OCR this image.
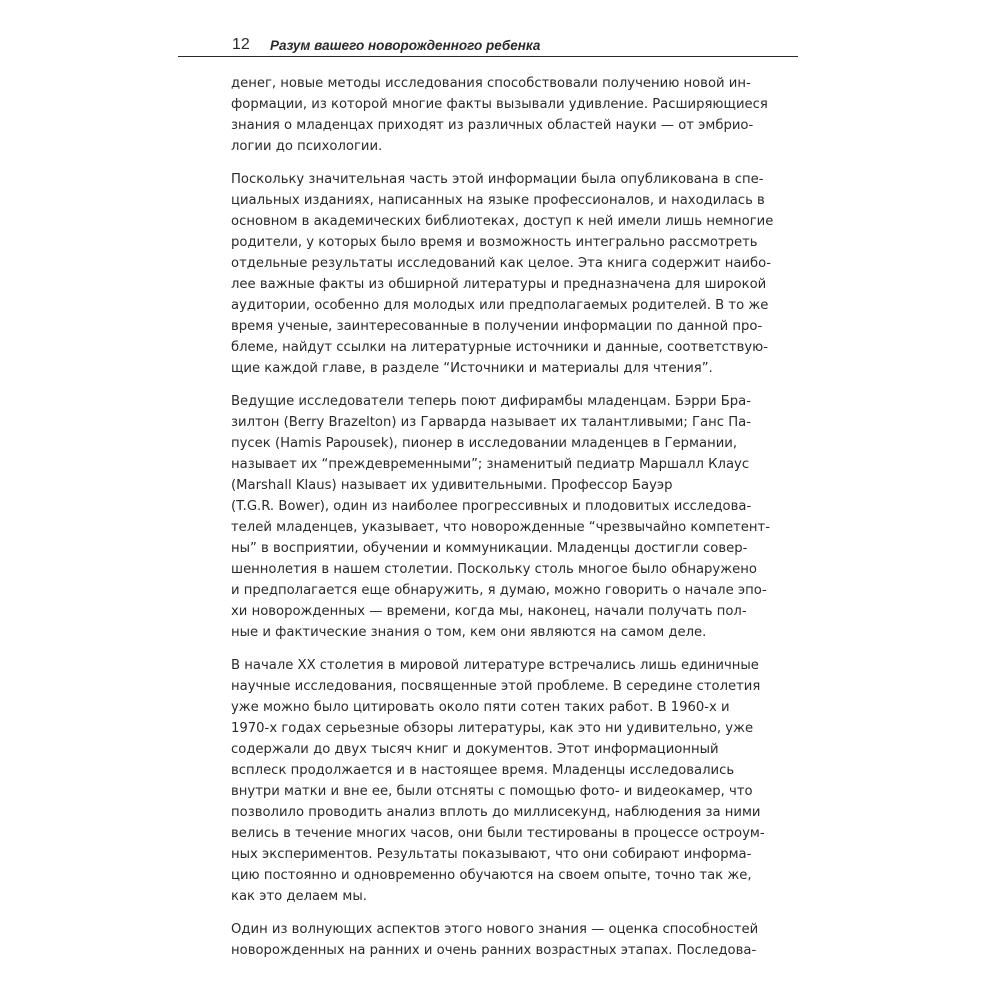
12 Разум вашего новорожденного ребенка
денег, новые методы исследования способствовали получению новой ин-
формации, из которой многие факты вызывали удивление. Расширяющиеся
знания о младенцах приходят из различных областей науки — от эмбрио-
логии до психологии.
Поскольку значительная часть этой информации была опубликована в спе-
циальных изданиях, написанных на языке профессионалов, и находилась в
основном в академических библиотеках, доступ к ней имели лишь немногие
родители, у которых было время и возможность интегрально рассмотреть
отдельные результаты исследований как целое. Эта книга содержит наибо-
лее важные факты из обширной литературы и предназначена для широкой
аудитории, особенно для молодых или предполагаемых родителей. В то же
время ученые, заинтересованные в получении информации по данной про-
блеме, найдут ссылки на литературные источники и данные, соответствую-
щие каждой главе, в разделе “Источники и материалы для чтения”.
Ведущие исследователи теперь поют дифирамбы младенцам. Бэрри Бра-
зилтон (Berry Brazelton) из Гарварда называет их талантливыми; Ганс Па-
пусек (Hamis Papousek), пионер в исследовании младенцев в Германии,
называет их “преждевременными”; знаменитый педиатр Маршалл Клаус
(Marshall Klaus) называет их удивительными. Профессор Бауэр
(T.G.R. Bower), один из наиболее прогрессивных и плодовитых исследова-
телей младенцев, указывает, что новорожденные “чрезвычайно компетент-
ны” в восприятии, обучении и коммуникации. Младенцы достигли совер-
шеннолетия в нашем столетии. Поскольку столь многое было обнаружено
и предполагается еще обнаружить, я думаю, можно говорить о начале эпо-
хи новорожденных — времени, когда мы, наконец, начали получать пол-
ные и фактические знания о том, кем они являются на самом деле.
В начале XX столетия в мировой литературе встречались лишь единичные
научные исследования, посвященные этой проблеме. В середине столетия
уже можно было цитировать около пяти сотен таких работ. В 1960-х и
1970-х годах серьезные обзоры литературы, как это ни удивительно, уже
содержали до двух тысяч книг и документов. Этот информационный
всплеск продолжается и в настоящее время. Младенцы исследовались
внутри матки и вне ее, были отсняты с помощью фото- и видеокамер, что
позволило проводить анализ вплоть до миллисекунд, наблюдения за ними
велись в течение многих часов, они были тестированы в процессе остроум-
ных экспериментов. Результаты показывают, что они собирают информа-
цию постоянно и одновременно обучаются на своем опыте, точно так же,
как это делаем мы.
Один из волнующих аспектов этого нового знания — оценка способностей
новорожденных на ранних и очень ранних возрастных этапах. Последова-
